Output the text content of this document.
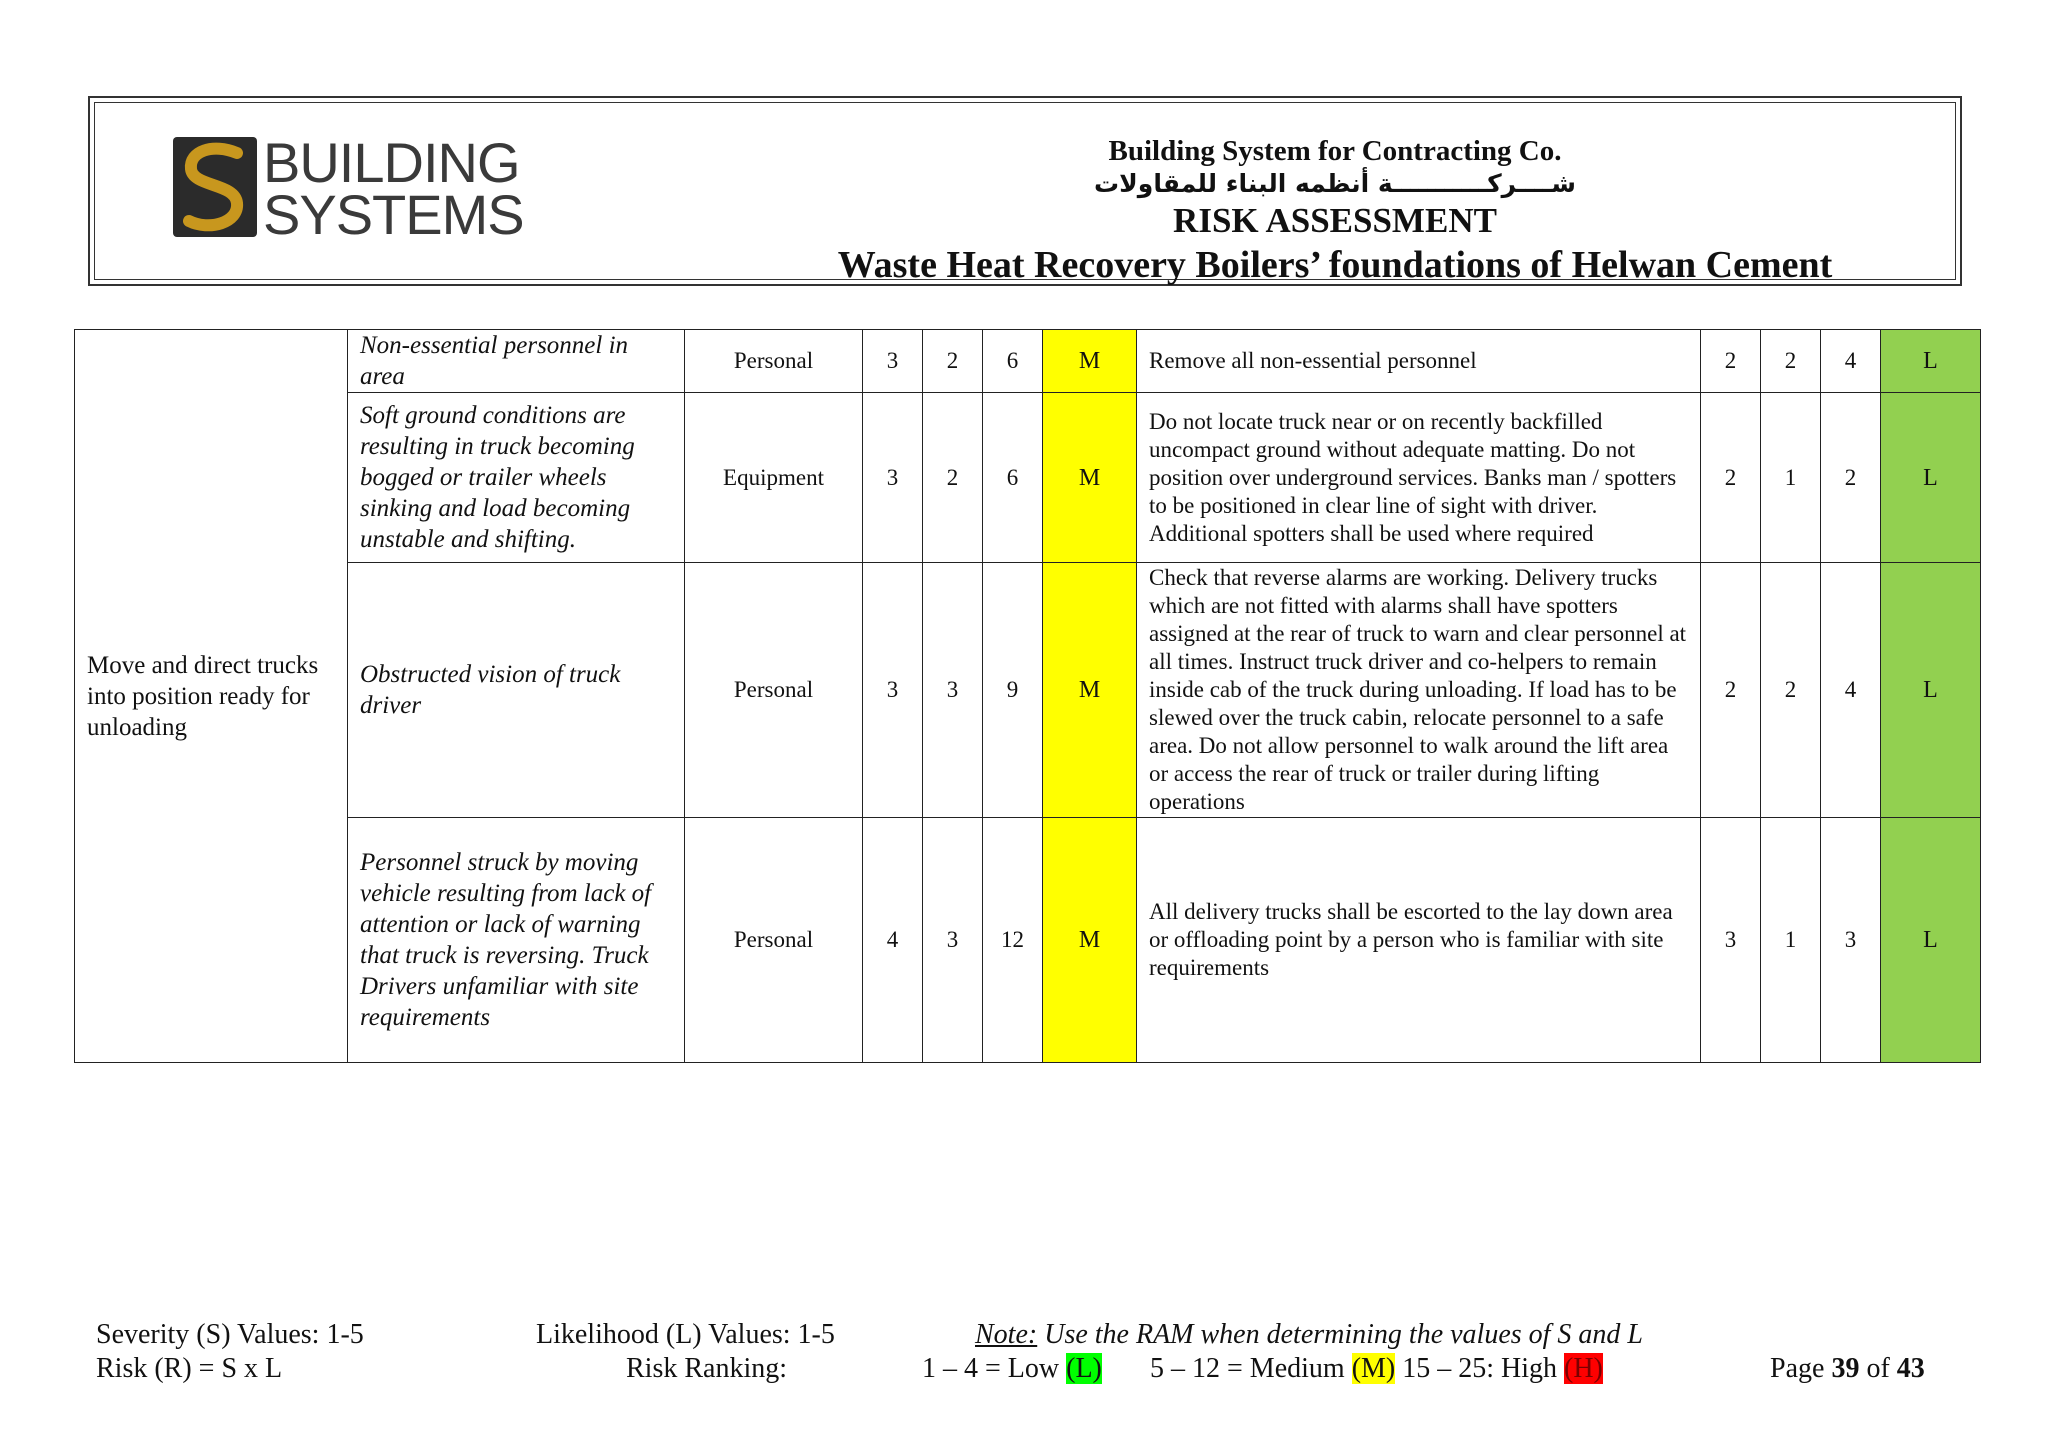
BUILDING
SYSTEMS
Building System for Contracting Co.
شــــركـــــــــــة أنظمه البناء للمقاولات
RISK ASSESSMENT
Waste Heat Recovery Boilers’ foundations of Helwan Cement
Move and direct trucks into position ready for unloading	Non-essential personnel in area	Personal	3	2	6	M	Remove all non-essential personnel	2	2	4	L
	Soft ground conditions are resulting in truck becoming bogged or trailer wheels sinking and load becoming unstable and shifting.	Equipment	3	2	6	M	Do not locate truck near or on recently backfilled uncompact ground without adequate matting. Do not position over underground services. Banks man / spotters to be positioned in clear line of sight with driver. Additional spotters shall be used where required	2	1	2	L
	Obstructed vision of truck driver	Personal	3	3	9	M	Check that reverse alarms are working. Delivery trucks which are not fitted with alarms shall have spotters assigned at the rear of truck to warn and clear personnel at all times. Instruct truck driver and co-helpers to remain inside cab of the truck during unloading. If load has to be slewed over the truck cabin, relocate personnel to a safe area. Do not allow personnel to walk around the lift area or access the rear of truck or trailer during lifting operations	2	2	4	L
	Personnel struck by moving vehicle resulting from lack of attention or lack of warning that truck is reversing. Truck Drivers unfamiliar with site requirements	Personal	4	3	12	M	All delivery trucks shall be escorted to the lay down area or offloading point by a person who is familiar with site requirements	3	1	3	L
Severity (S) Values: 1-5	Likelihood (L) Values: 1-5	Note: Use the RAM when determining the values of S and L
Risk (R) = S x L	Risk Ranking:	1 – 4 = Low (L) 5 – 12 = Medium (M) 15 – 25: High (H)	Page 39 of 43
